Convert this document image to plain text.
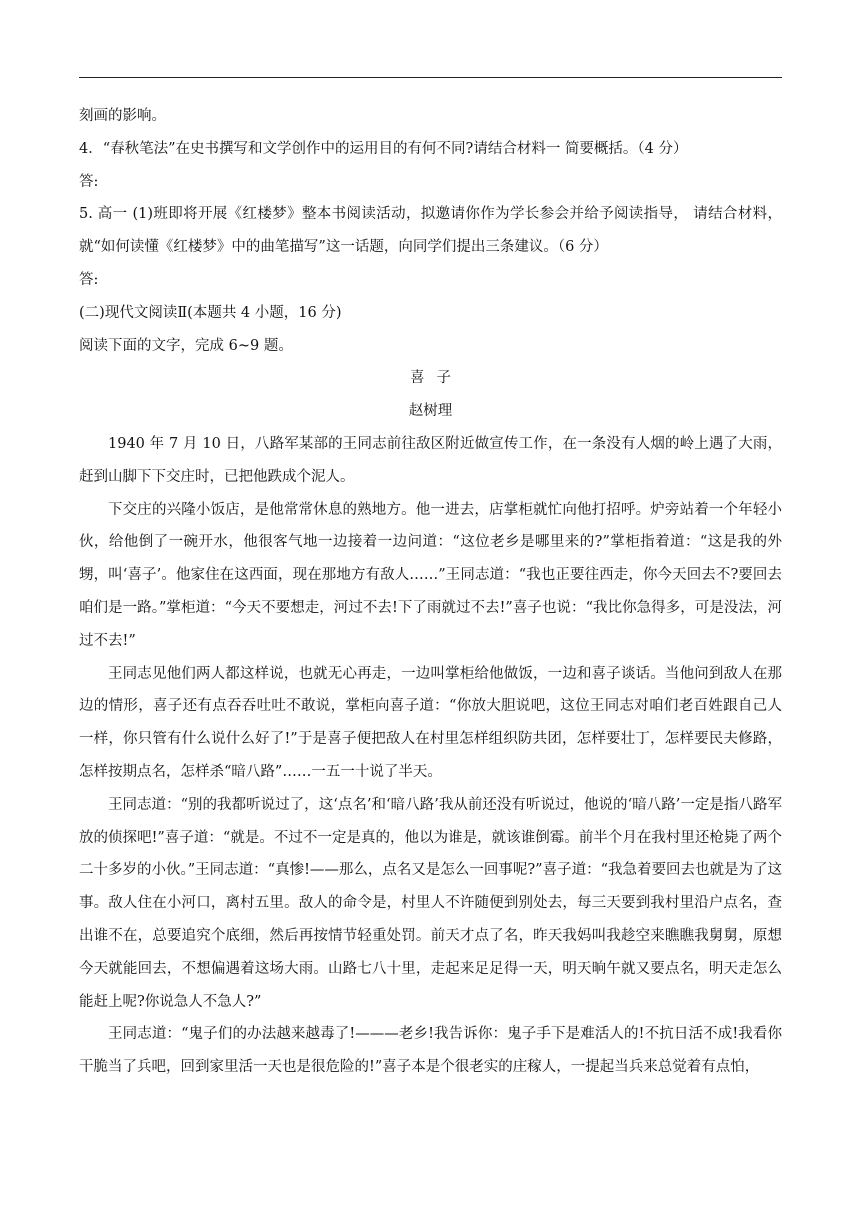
刻画的影响。

4．“春秋笔法”在史书撰写和文学创作中的运用目的有何不同?请结合材料一 简要概括。（4 分）

答:

5. 高一 (1)班即将开展《红楼梦》整本书阅读活动，拟邀请你作为学长参会并给予阅读指导， 请结合材料，就“如何读懂《红楼梦》中的曲笔描写”这一话题，向同学们提出三条建议。（6 分）

答:

(二)现代文阅读Ⅱ(本题共 4 小题，16 分)

阅读下面的文字，完成 6~9 题。

喜子

赵树理

1940 年 7 月 10 日，八路军某部的王同志前往敌区附近做宣传工作，在一条没有人烟的岭上遇了大雨，赶到山脚下下交庄时，已把他跌成个泥人。

下交庄的兴隆小饭店，是他常常休息的熟地方。他一进去，店掌柜就忙向他打招呼。炉旁站着一个年轻小伙，给他倒了一碗开水，他很客气地一边接着一边问道：“这位老乡是哪里来的?”掌柜指着道：“这是我的外甥，叫‘喜子’。他家住在这西面，现在那地方有敌人……”王同志道：“我也正要往西走，你今天回去不?要回去咱们是一路。”掌柜道：“今天不要想走，河过不去!下了雨就过不去!”喜子也说：“我比你急得多，可是没法，河过不去!”

王同志见他们两人都这样说，也就无心再走，一边叫掌柜给他做饭，一边和喜子谈话。当他问到敌人在那边的情形，喜子还有点吞吞吐吐不敢说，掌柜向喜子道：“你放大胆说吧，这位王同志对咱们老百姓跟自己人一样，你只管有什么说什么好了!”于是喜子便把敌人在村里怎样组织防共团，怎样要壮丁，怎样要民夫修路，怎样按期点名，怎样杀“暗八路”……一五一十说了半天。

王同志道：“别的我都听说过了，这‘点名’和‘暗八路’我从前还没有听说过，他说的‘暗八路’一定是指八路军放的侦探吧!”喜子道：“就是。不过不一定是真的，他以为谁是，就该谁倒霉。前半个月在我村里还枪毙了两个二十多岁的小伙。”王同志道：“真惨!——那么，点名又是怎么一回事呢?”喜子道：“我急着要回去也就是为了这事。敌人住在小河口，离村五里。敌人的命令是，村里人不许随便到别处去，每三天要到我村里沿户点名，查出谁不在，总要追究个底细，然后再按情节轻重处罚。前天才点了名，昨天我妈叫我趁空来瞧瞧我舅舅，原想今天就能回去，不想偏遇着这场大雨。山路七八十里，走起来足足得一天，明天晌午就又要点名，明天走怎么能赶上呢?你说急人不急人?”

王同志道：“鬼子们的办法越来越毒了!———老乡!我告诉你：鬼子手下是难活人的!不抗日活不成!我看你干脆当了兵吧，回到家里活一天也是很危险的!”喜子本是个很老实的庄稼人，一提起当兵来总觉着有点怕，
